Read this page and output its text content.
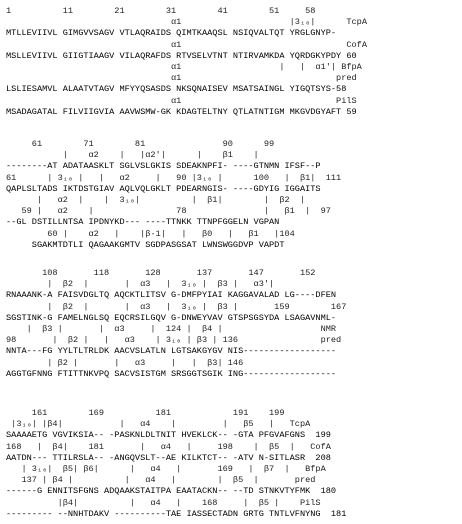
1          11        21        31        41        51     58
α1                     |3₁₀|      TcpA
MTLLEVIIVL GIMGVVSAGV VTLAQRAIDS QIMTKAAQSL NSIQVALTQT YRGLGNYP-
α1                                CofA
MSLLEVIIVL GIIGTIAAGV VILAQRAFDS RTVSELVTNT NTIRVAMKDA YQRDGKYPDY 60
α1                   |   |  α1'| BfpA
α1                              pred
LSLIESAMVL ALAATVTAGV MFYYQSASDS NKSQNAISEV MSATSAINGL YIGQTSYS-58
α1                              PilS
MSADAGATAL FILVIIGVIA AAVWSMW-GK KDAGTELTNY QTLATNTIGM MKGVDGYAFT 59
61        71        81               90      99
|    α2    |   |α2'|      |    β1    |
--------AT ADATAASKLT SGLVSLGKIS SDEAKNPFI- ----GTNMN IFSF--P
61      | 3₁₀ |   |   α2     |   90 |3₁₀ |      100   |  β1|  111
QAPLSLTADS IKTDSTGIAV AQLVQLGKLT PDEARNGIS- ----GDYIG IGGAITS
|   α2  |    |  3₁₀|          |  β1|        |  β2  |
59 |   α2    |                78               |   β1  |  97
--GL DSTILLNTSA IPDNYKD--- ----TTNKK TTNPFGGELN VGPAN
60 |    α2   |    |β-1|   |   β0   |   β1   |104
SGAKMTDTLI QAGAAKGMTV SGDPASGSAT LWNSWGGDVP VAPDT
108       118       128       137       147       152
|  β2  |       |  α3   |  3₁₀ |  β3 |   α3'|
RNAAANK-A FAISVDGLTQ AQCKTLITSV G-DMFPYIAI KAGGAVALAD LG----DFEN
|  β2  |       |  α3   |  3₁₀ |  β3 |       159        167
SGSTINK-G FAMELNGLSQ EQCRSILGQV G-DNWEYVAV GTSPSGSYDA LSAGAVNML-
|  β3 |       |  α3     |  124 |  β4 |                   NMR
98       |  β2 |   |   α3    | 3₁₀ | β3 | 136                pred
NNTA---FG YYLTLTRLDK AACVSLATLN LGTSAKGYGV NIS------------------
| β2 |       |   α3     |   |  β3| 146
AGGTGFNNG FTITTNKVPQ SACVSISTGM SRSGGTSGIK ING------------------
161        169          181            191    199
|3₁₀| |β4|           |   α4    |         |   β5   |   TcpA
SAAAAETG VGVIKSIA-- -PASKNLDLTNIT HVEKLCK-- -GTA PFGVAFGNS  199
168   |  β4|    181       |   α4   |     198    |  β5  |   CofA
AATDN--- TTILRSLA-- -ANGQVSLT--AE KILKTCT-- -ATV N-SITLASR  208
| 3₁₀|  β5| β6|      |   α4   |       169   |  β7  |   BfpA
137 | β4 |          |   α4   |        |  β5  |       pred
------G ENNITSFGNS ADQAAKSTAITPA EAATACKN-- --TD STNKVTYFMK  180
|β4|          |   α4   |    168     |  β5 |    PilS
--------- --NNHTDAKV ----------TAE IASSECTADN GRTG TNTLVFNYNG  181
